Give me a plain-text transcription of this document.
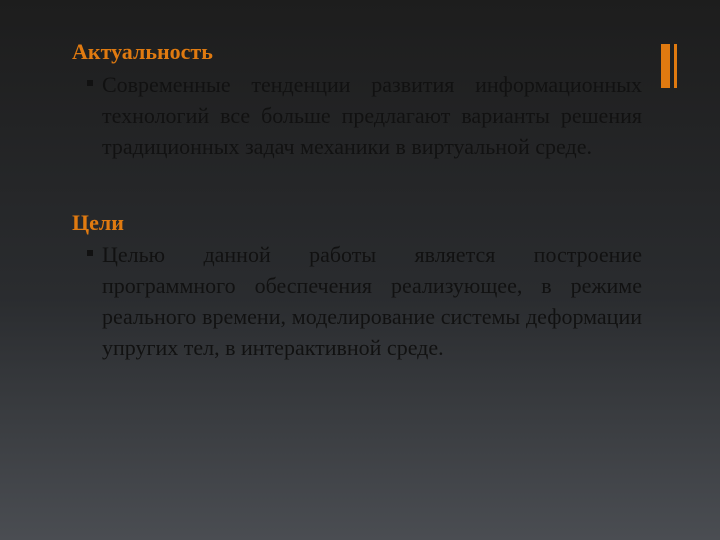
Актуальность

Современные тенденции развития информационных технологий все больше предлагают варианты решения традиционных задач механики в виртуальной среде.

Цели

Целью данной работы является построение программного обеспечения реализующее, в режиме реального времени, моделирование системы деформации упругих тел, в интерактивной среде.
